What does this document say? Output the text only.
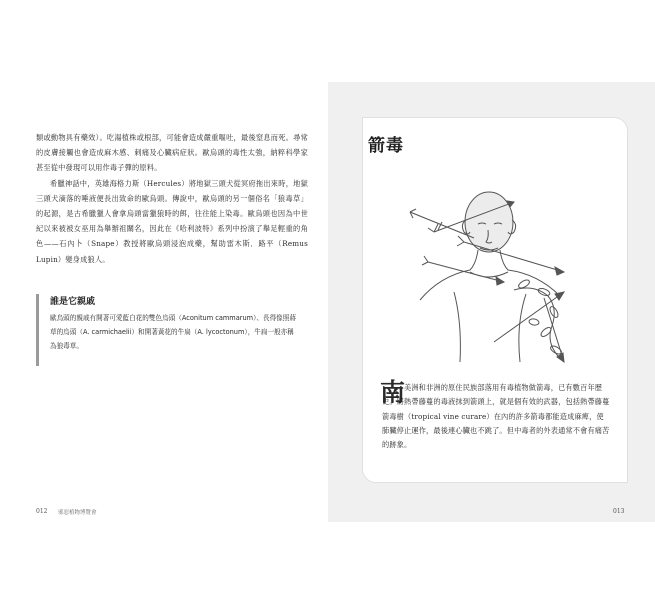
類或動物具有藥效）。吃湯植株或根部，可能會造成嚴重嘔吐，最後窒息而死。尋常的皮膚接觸也會造成麻木感、刺痛及心臟病症狀。歐烏頭的毒性太強，納粹科學家甚至從中發現可以用作毒子彈的原料。

希臘神話中，英雄海格力斯（Hercules）將地獄三頭犬從冥府拖出來時，地獄三頭犬滴落的唾液便長出致命的歐烏頭。傳說中，歐烏頭的另一個俗名「狼毒草」的起源，是古希臘獵人會拿烏頭當獵狼時的餌，往往能上染毒。歐烏頭也因為中世紀以來被被女巫用為舉辦祖關名，因此在《哈利波特》系列中扮演了舉足輕重的角色——石內卜（Snape）教授將歐烏頭浸泡成藥，幫助雷木斯．路平（Remus Lupin）變身成狼人。

誰是它親戚
歐烏頭的親戚有開著可愛藍白花的雙色烏頭（Aconitum cammarum）、長得像照蔣草的烏頭（A. carmichaelii）和開著黃花的牛扁（A. lycoctonum），牛扁一般亦稱為狼毒草。
012 邪惡植物博覽會
箭毒
南
美洲和非洲的原住民族部落用有毒植物做箭毒，已有數百年歷史。將熱帶藤蔓的毒液抹到箭頭上，就是個有效的武器，包括熱帶藤蔓箭毒樹（tropical vine curare）在內的許多箭毒都能造成麻痺，使肺臟停止運作，最後連心臟也不跳了。但中毒者的外表通常不會有痛苦的跡象。
013
